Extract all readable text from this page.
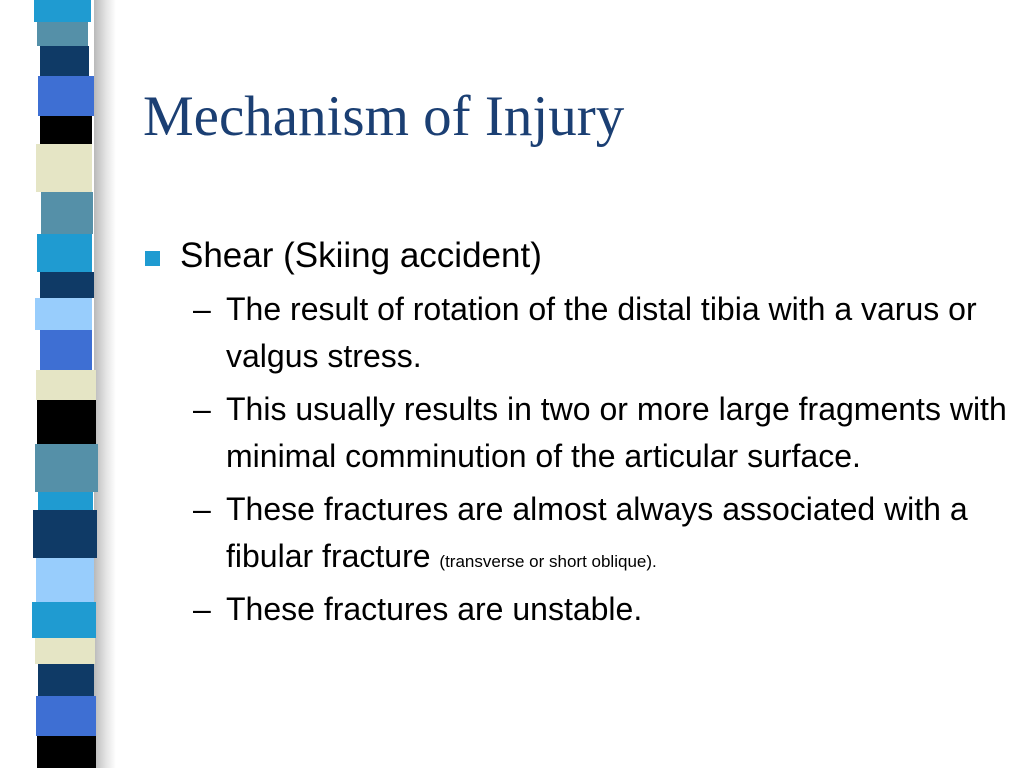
Mechanism of Injury
Shear (Skiing accident)
– The result of rotation of the distal tibia with a varus or valgus stress.
– This usually results in two or more large fragments with minimal comminution of the articular surface.
– These fractures are almost always associated with a fibular fracture (transverse or short oblique).
– These fractures are unstable.
